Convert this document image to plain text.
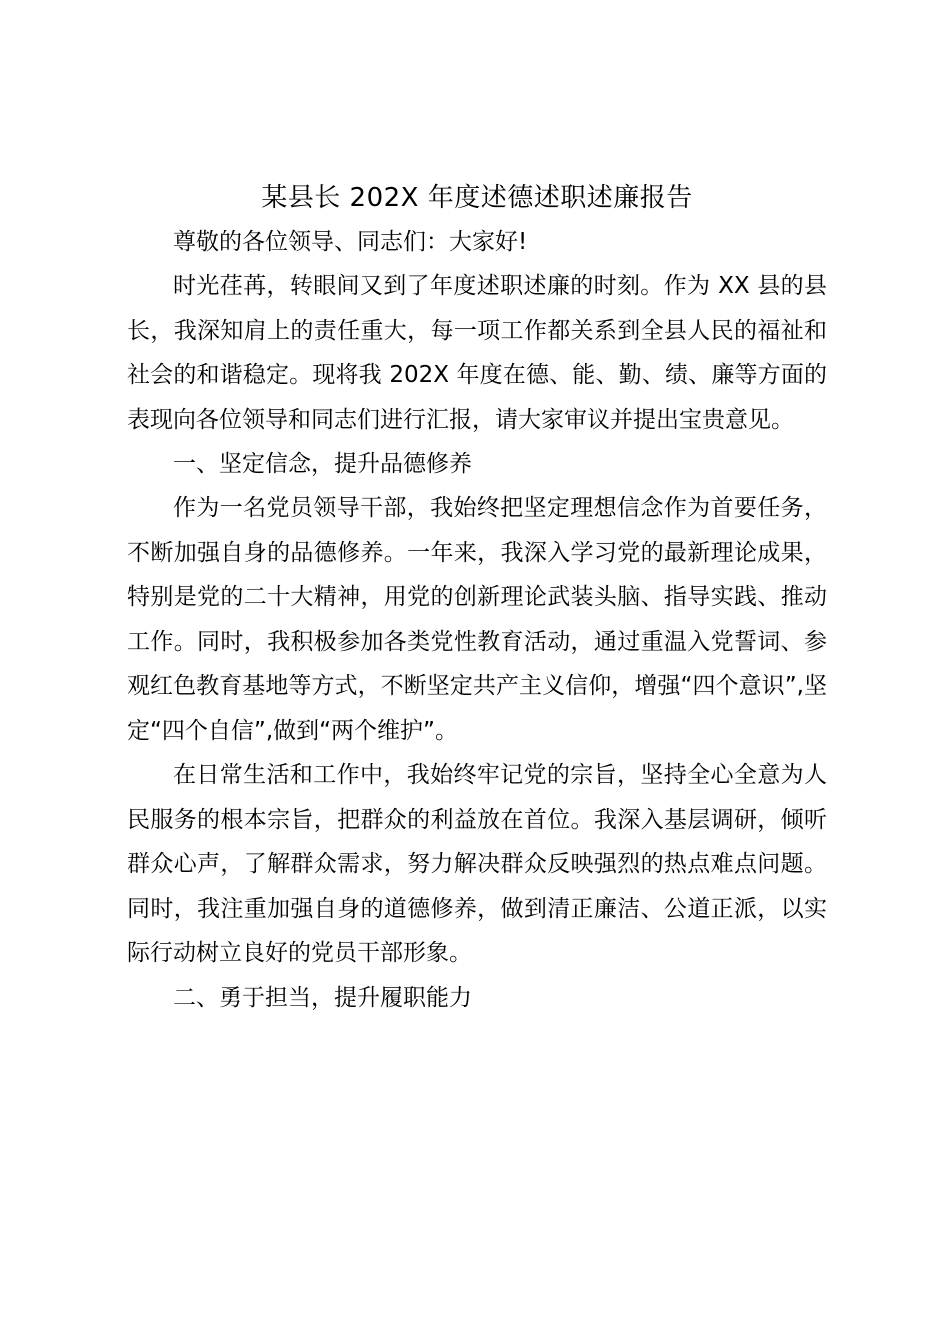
某县长 202X 年度述德述职述廉报告

尊敬的各位领导、同志们：大家好!

时光荏苒，转眼间又到了年度述职述廉的时刻。作为 XX 县的县长，我深知肩上的责任重大，每一项工作都关系到全县人民的福祉和社会的和谐稳定。现将我 202X 年度在德、能、勤、绩、廉等方面的表现向各位领导和同志们进行汇报，请大家审议并提出宝贵意见。

一、坚定信念，提升品德修养

作为一名党员领导干部，我始终把坚定理想信念作为首要任务，不断加强自身的品德修养。一年来，我深入学习党的最新理论成果，特别是党的二十大精神，用党的创新理论武装头脑、指导实践、推动工作。同时，我积极参加各类党性教育活动，通过重温入党誓词、参观红色教育基地等方式，不断坚定共产主义信仰，增强“四个意识”,坚定“四个自信”,做到“两个维护”。

在日常生活和工作中，我始终牢记党的宗旨，坚持全心全意为人民服务的根本宗旨，把群众的利益放在首位。我深入基层调研，倾听群众心声，了解群众需求，努力解决群众反映强烈的热点难点问题。同时，我注重加强自身的道德修养，做到清正廉洁、公道正派，以实际行动树立良好的党员干部形象。

二、勇于担当，提升履职能力
